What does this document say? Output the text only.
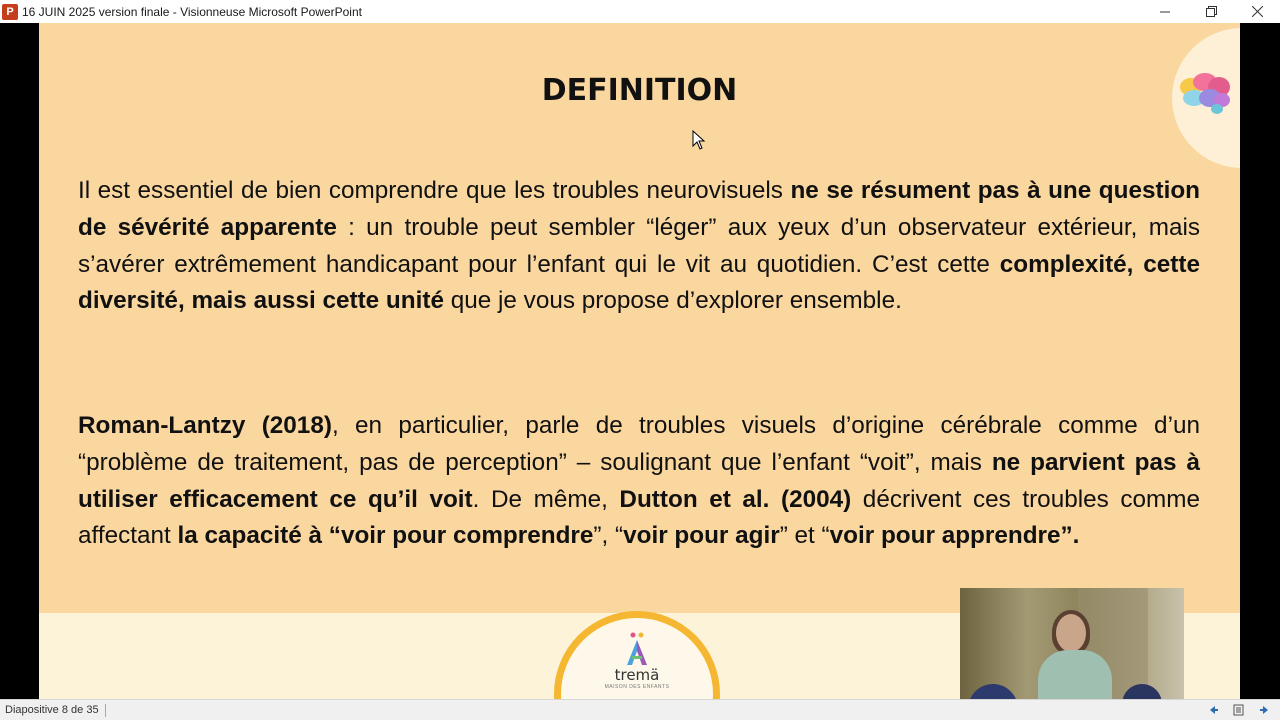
P 16 JUIN 2025 version finale - Visionneuse Microsoft PowerPoint
DEFINITION

Il est essentiel de bien comprendre que les troubles neurovisuels ne se résument pas à une question de sévérité apparente : un trouble peut sembler “léger” aux yeux d’un observateur extérieur, mais s’avérer extrêmement handicapant pour l’enfant qui le vit au quotidien. C’est cette complexité, cette diversité, mais aussi cette unité que je vous propose d’explorer ensemble.

Roman-Lantzy (2018), en particulier, parle de troubles visuels d’origine cérébrale comme d’un “problème de traitement, pas de perception” – soulignant que l’enfant “voit”, mais ne parvient pas à utiliser efficacement ce qu’il voit. De même, Dutton et al. (2004) décrivent ces troubles comme affectant la capacité à “voir pour comprendre”, “voir pour agir” et “voir pour apprendre”.

tremä
MAISON DES ENFANTS
Diapositive 8 de 35
